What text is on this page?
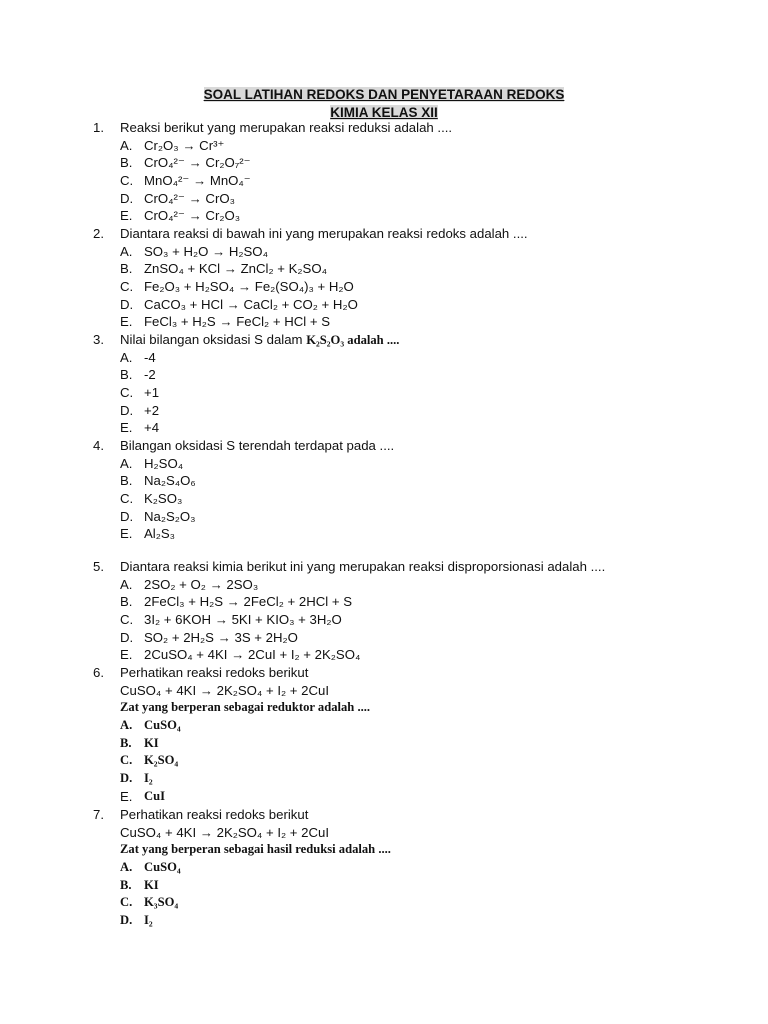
SOAL LATIHAN REDOKS DAN PENYETARAAN REDOKS
KIMIA KELAS XII
1. Reaksi berikut yang merupakan reaksi reduksi adalah ....
A. Cr₂O₃ → Cr³⁺
B. CrO₄²⁻ → Cr₂O₇²⁻
C. MnO₄²⁻ → MnO₄⁻
D. CrO₄²⁻ → CrO₃
E. CrO₄²⁻ → Cr₂O₃
2. Diantara reaksi di bawah ini yang merupakan reaksi redoks adalah ....
A. SO₃ + H₂O → H₂SO₄
B. ZnSO₄ + KCl → ZnCl₂ + K₂SO₄
C. Fe₂O₃ + H₂SO₄ → Fe₂(SO₄)₃ + H₂O
D. CaCO₃ + HCl → CaCl₂ + CO₂ + H₂O
E. FeCl₃ + H₂S → FeCl₂ + HCl + S
3. Nilai bilangan oksidasi S dalam K₂S₂O₃ adalah ....
A. -4
B. -2
C. +1
D. +2
E. +4
4. Bilangan oksidasi S terendah terdapat pada ....
A. H₂SO₄
B. Na₂S₄O₆
C. K₂SO₃
D. Na₂S₂O₃
E. Al₂S₃
5. Diantara reaksi kimia berikut ini yang merupakan reaksi disproporsionasi adalah ....
A. 2SO₂ + O₂ → 2SO₃
B. 2FeCl₃ + H₂S → 2FeCl₂ + 2HCl + S
C. 3I₂ + 6KOH → 5KI + KIO₃ + 3H₂O
D. SO₂ + 2H₂S → 3S + 2H₂O
E. 2CuSO₄ + 4KI → 2CuI + I₂ + 2K₂SO₄
6. Perhatikan reaksi redoks berikut
CuSO₄ + 4KI → 2K₂SO₄ + I₂ + 2CuI
Zat yang berperan sebagai reduktor adalah ....
A. CuSO₄
B. KI
C. K₂SO₄
D. I₂
E. CuI
7. Perhatikan reaksi redoks berikut
CuSO₄ + 4KI → 2K₂SO₄ + I₂ + 2CuI
Zat yang berperan sebagai hasil reduksi adalah ....
A. CuSO₄
B. KI
C. K₃SO₄
D. I₂
